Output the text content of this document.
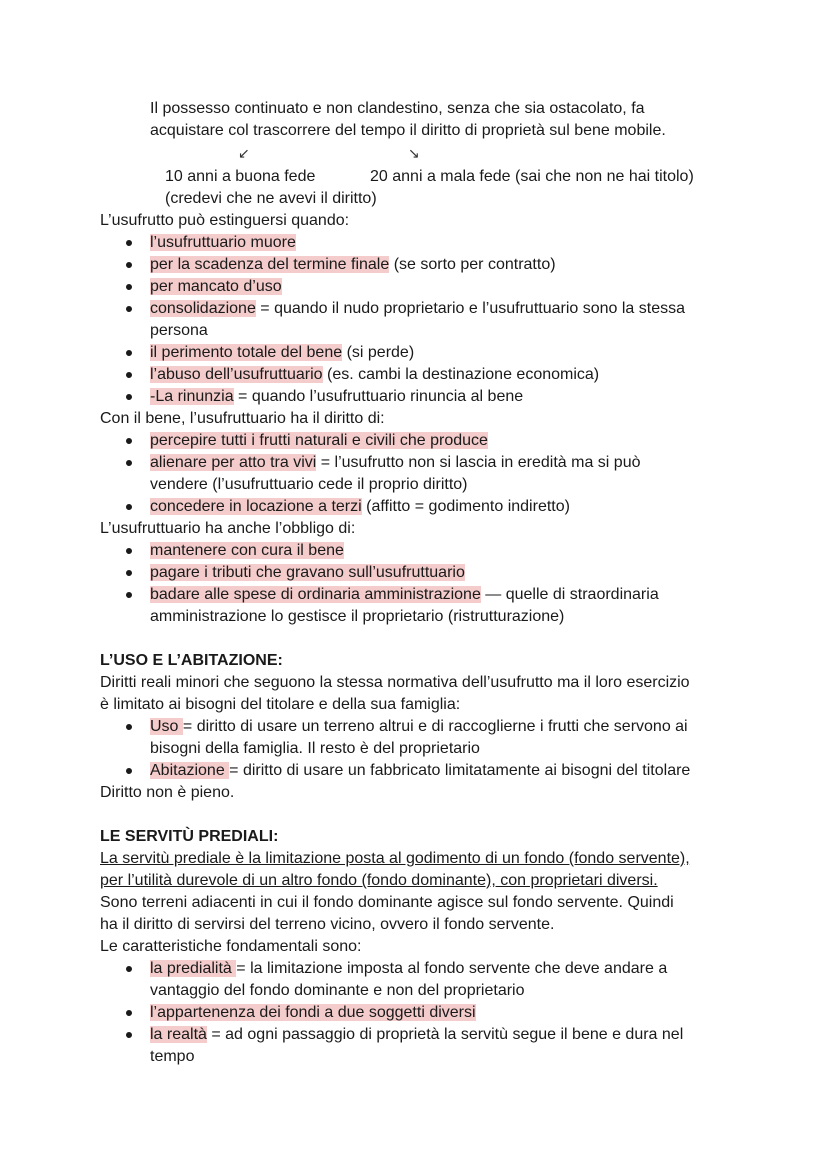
Il possesso continuato e non clandestino, senza che sia ostacolato, fa
acquistare col trascorrere del tempo il diritto di proprietà sul bene mobile.
↙	↘
10 anni a buona fede	20 anni a mala fede (sai che non ne hai titolo)
(credevi che ne avevi il diritto)
L’usufrutto può estinguersi quando:
l’usufruttuario muore
per la scadenza del termine finale (se sorto per contratto)
per mancato d’uso
consolidazione = quando il nudo proprietario e l’usufruttuario sono la stessa
persona
il perimento totale del bene (si perde)
l’abuso dell’usufruttuario (es. cambi la destinazione economica)
-La rinunzia = quando l’usufruttuario rinuncia al bene
Con il bene, l’usufruttuario ha il diritto di:
percepire tutti i frutti naturali e civili che produce
alienare per atto tra vivi = l’usufrutto non si lascia in eredità ma si può
vendere (l’usufruttuario cede il proprio diritto)
concedere in locazione a terzi (affitto = godimento indiretto)
L’usufruttuario ha anche l’obbligo di:
mantenere con cura il bene
pagare i tributi che gravano sull’usufruttuario
badare alle spese di ordinaria amministrazione — quelle di straordinaria
amministrazione lo gestisce il proprietario (ristrutturazione)
L’USO E L’ABITAZIONE:
Diritti reali minori che seguono la stessa normativa dell’usufrutto ma il loro esercizio
è limitato ai bisogni del titolare e della sua famiglia:
Uso = diritto di usare un terreno altrui e di raccoglierne i frutti che servono ai
bisogni della famiglia. Il resto è del proprietario
Abitazione = diritto di usare un fabbricato limitatamente ai bisogni del titolare
Diritto non è pieno.
LE SERVITÙ PREDIALI:
La servitù prediale è la limitazione posta al godimento di un fondo (fondo servente),
per l’utilità durevole di un altro fondo (fondo dominante), con proprietari diversi.
Sono terreni adiacenti in cui il fondo dominante agisce sul fondo servente. Quindi
ha il diritto di servirsi del terreno vicino, ovvero il fondo servente.
Le caratteristiche fondamentali sono:
la predialità = la limitazione imposta al fondo servente che deve andare a
vantaggio del fondo dominante e non del proprietario
l’appartenenza dei fondi a due soggetti diversi
la realtà = ad ogni passaggio di proprietà la servitù segue il bene e dura nel
tempo
